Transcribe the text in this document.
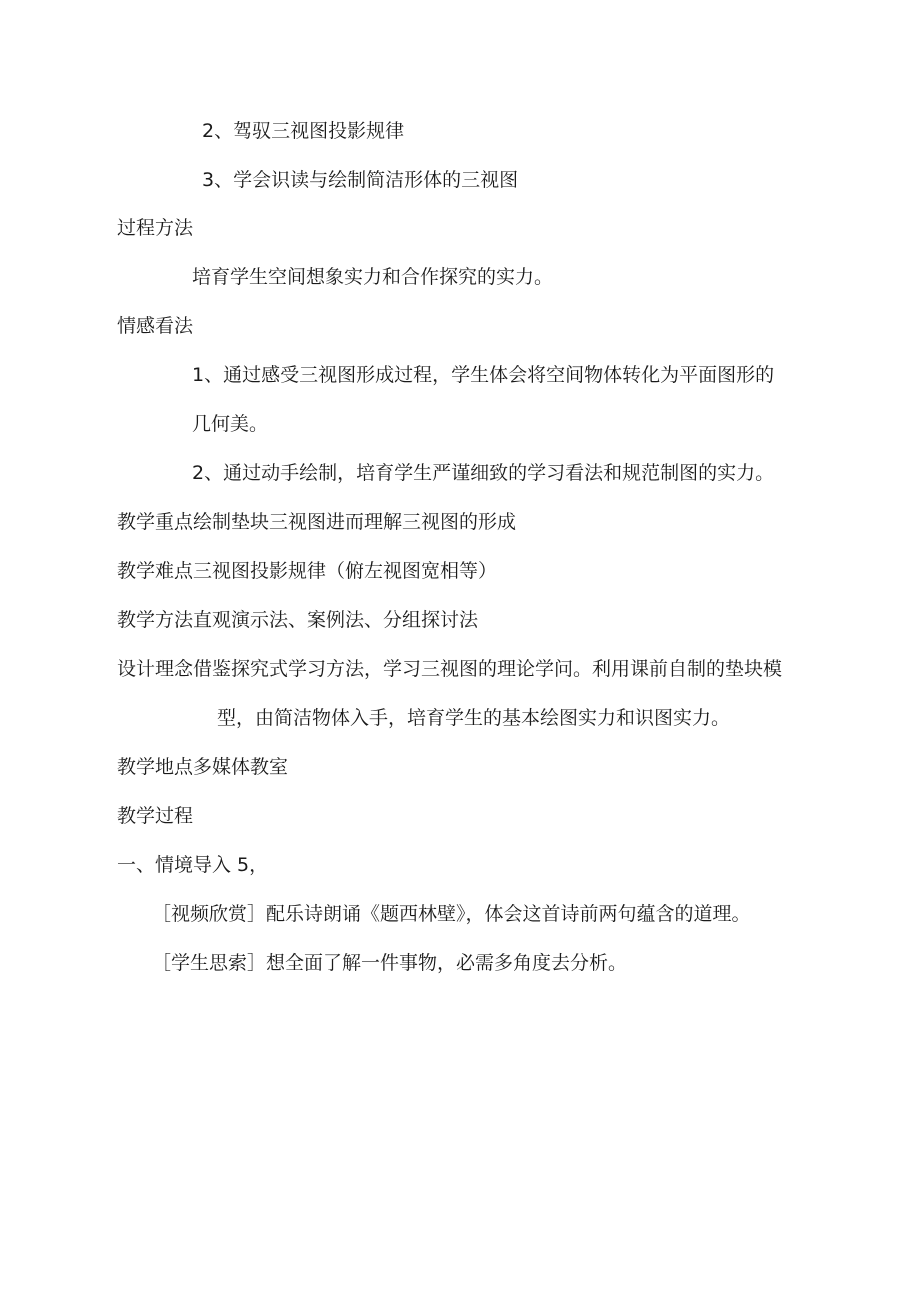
2、驾驭三视图投影规律
3、学会识读与绘制简洁形体的三视图
过程方法
培育学生空间想象实力和合作探究的实力。
情感看法
1、通过感受三视图形成过程，学生体会将空间物体转化为平面图形的
几何美。
2、通过动手绘制，培育学生严谨细致的学习看法和规范制图的实力。
教学重点绘制垫块三视图进而理解三视图的形成
教学难点三视图投影规律（俯左视图宽相等）
教学方法直观演示法、案例法、分组探讨法
设计理念借鉴探究式学习方法，学习三视图的理论学问。利用课前自制的垫块模
型，由简洁物体入手，培育学生的基本绘图实力和识图实力。
教学地点多媒体教室
教学过程
一、情境导入 5，
［视频欣赏］配乐诗朗诵《题西林壁》，体会这首诗前两句蕴含的道理。
［学生思索］想全面了解一件事物，必需多角度去分析。
